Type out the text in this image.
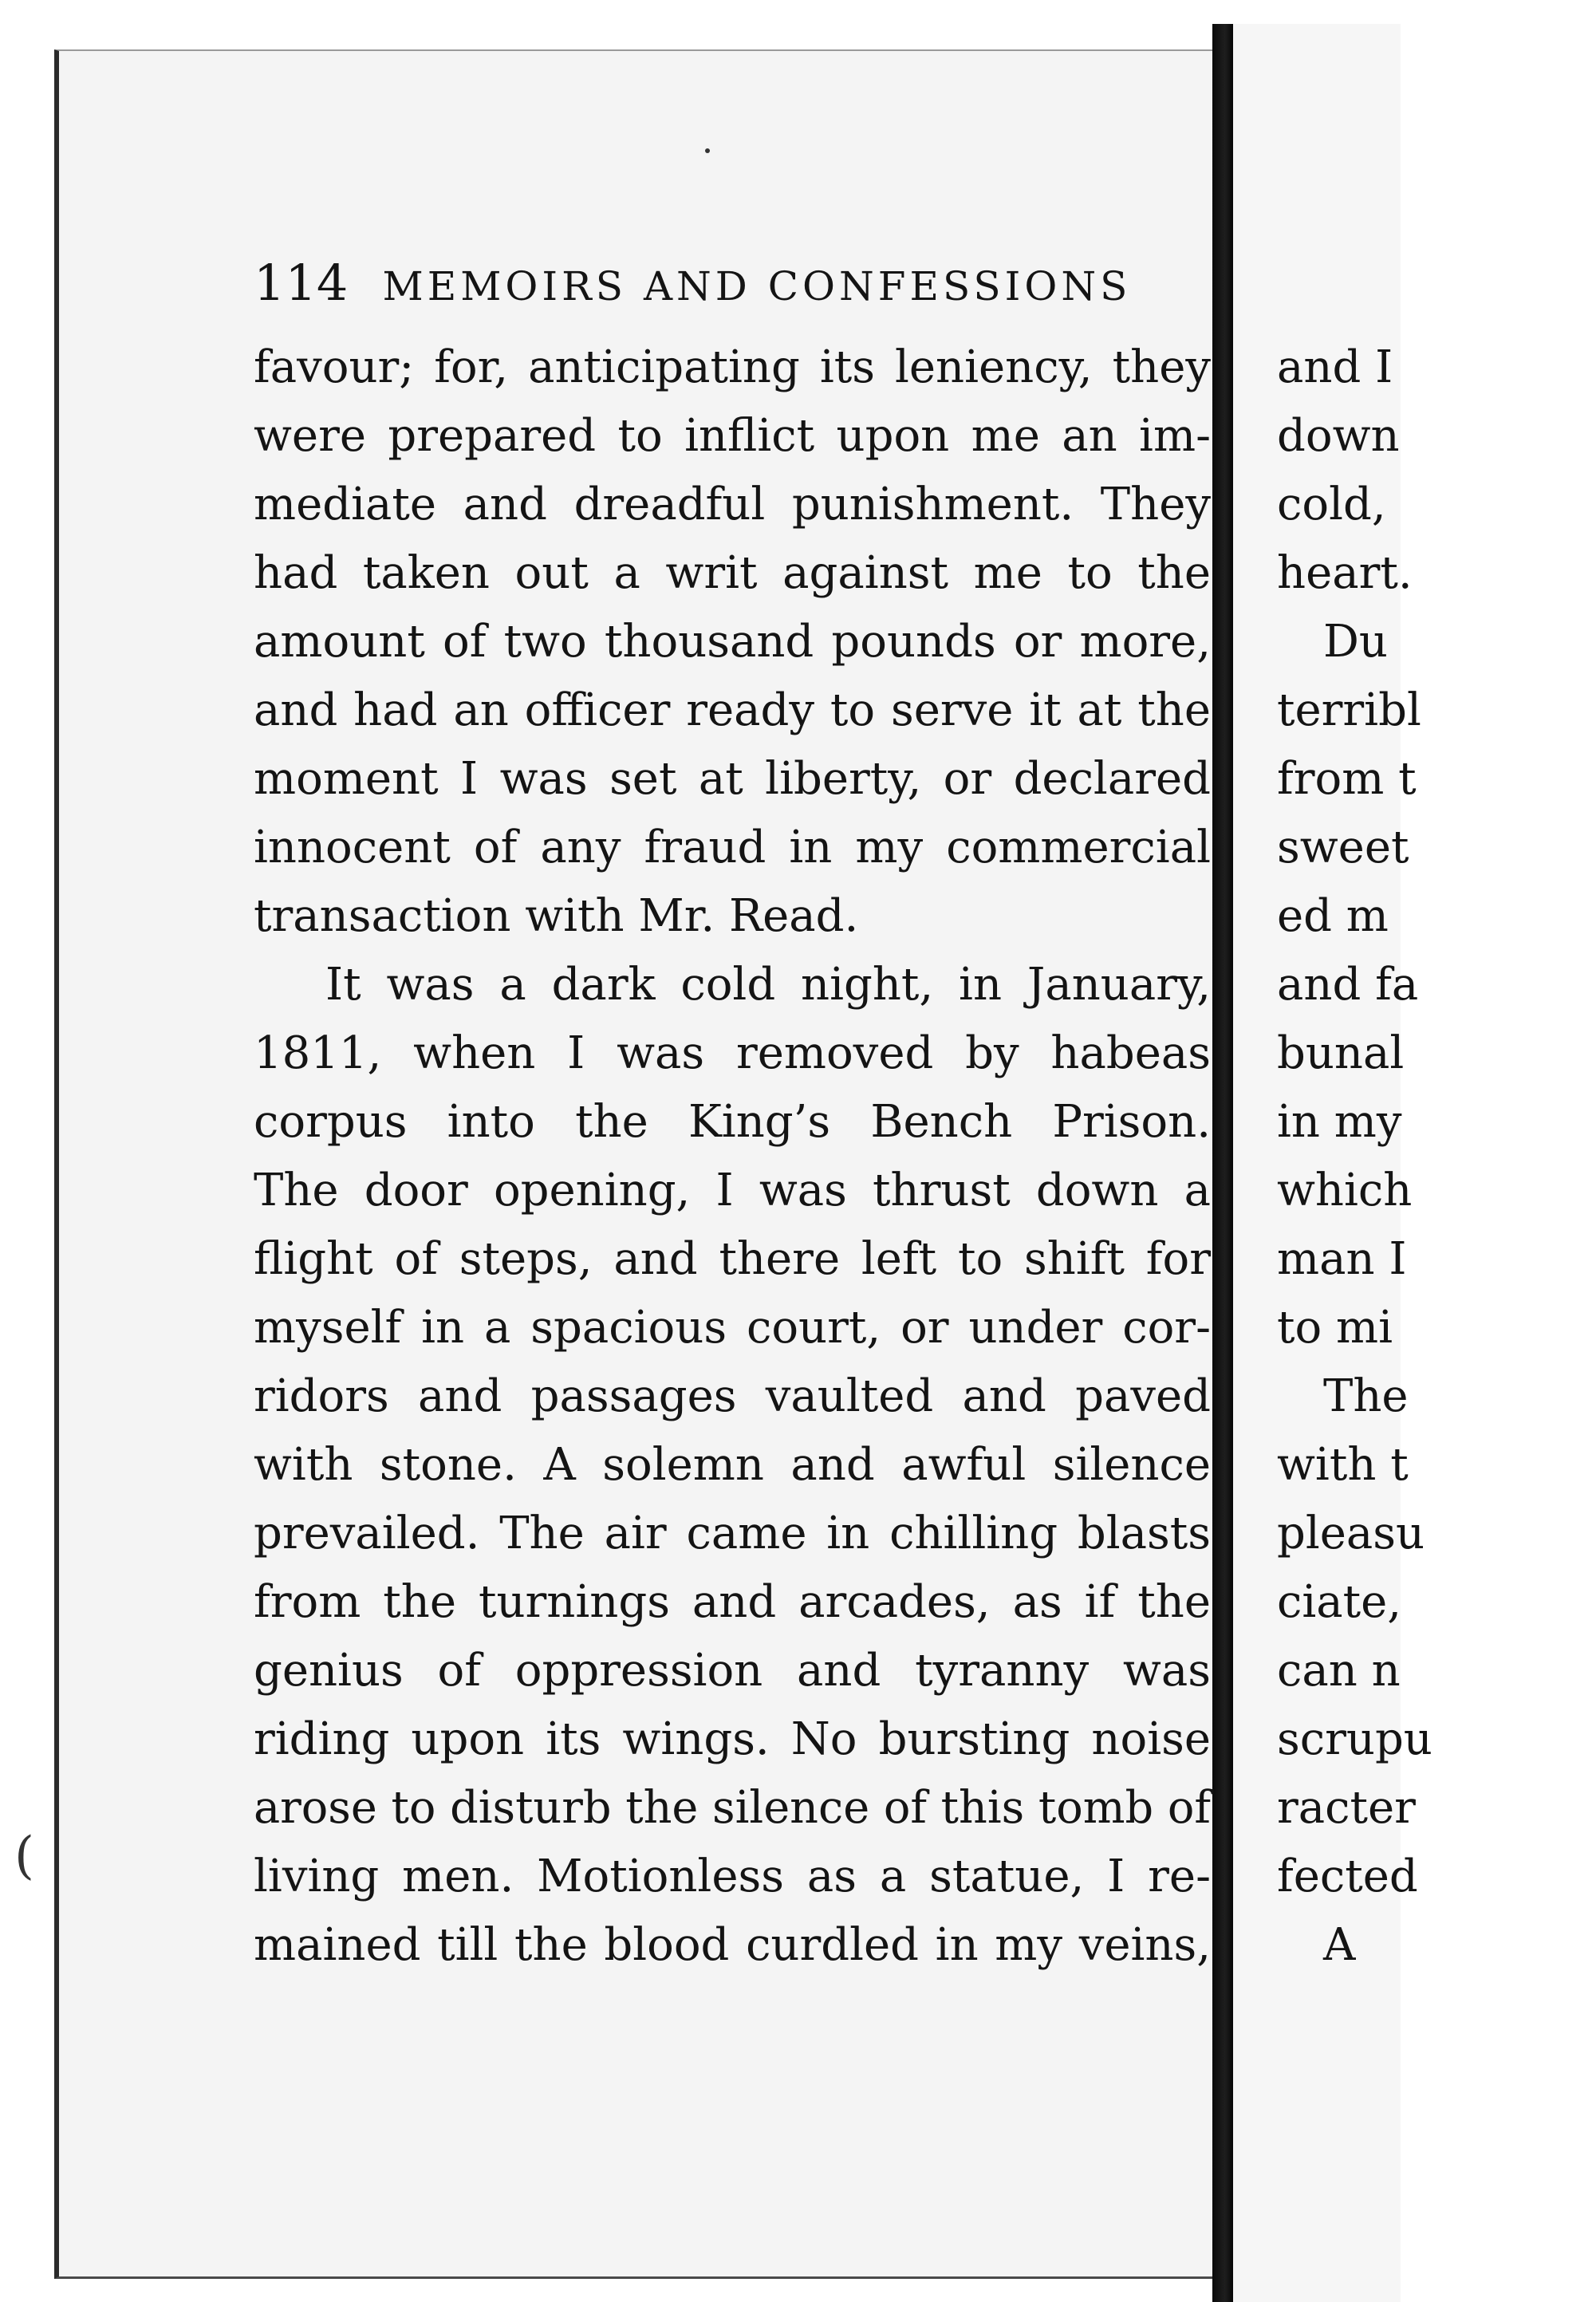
and I
down
cold,
heart.
Du
terribl
from t
sweet
ed m
and fa
bunal
in my
which
man I
to mi
The
with t
pleasu
ciate,
can n
scrupu
racter
fected
A
(
114 MEMOIRS AND CONFESSIONS
favour; for, anticipating its leniency, they
were prepared to inflict upon me an im-
mediate and dreadful punishment. They
had taken out a writ against me to the
amount of two thousand pounds or more,
and had an officer ready to serve it at the
moment I was set at liberty, or declared
innocent of any fraud in my commercial
transaction with Mr. Read.
It was a dark cold night, in January,
1811, when I was removed by habeas
corpus into the King’s Bench Prison.
The door opening, I was thrust down a
flight of steps, and there left to shift for
myself in a spacious court, or under cor-
ridors and passages vaulted and paved
with stone. A solemn and awful silence
prevailed. The air came in chilling blasts
from the turnings and arcades, as if the
genius of oppression and tyranny was
riding upon its wings. No bursting noise
arose to disturb the silence of this tomb of
living men. Motionless as a statue, I re-
mained till the blood curdled in my veins,
